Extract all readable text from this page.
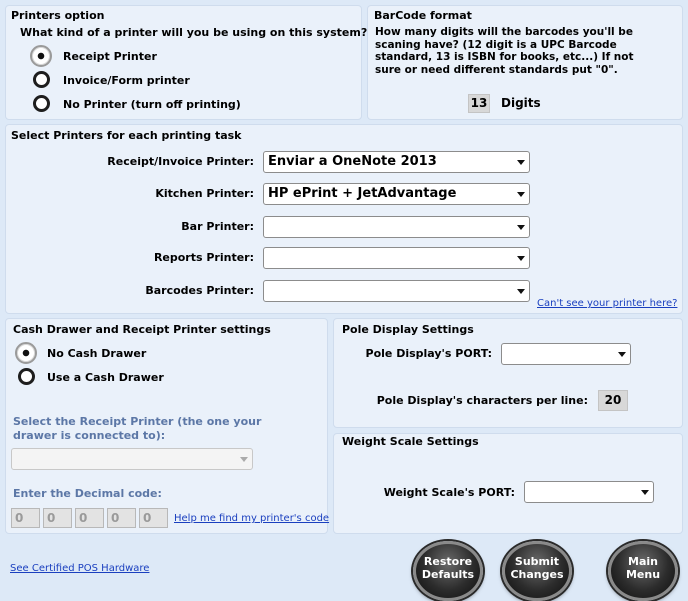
Printers option
What kind of a printer will you be using on this system?
Receipt Printer
Invoice/Form printer
No Printer (turn off printing)
BarCode format
How many digits will the barcodes you'll be scaning have? (12 digit is a UPC Barcode standard, 13 is ISBN for books, etc...) If not sure or need different standards put "0".
13 Digits
Select Printers for each printing task
Receipt/Invoice Printer:	Enviar a OneNote 2013
Kitchen Printer:	HP ePrint + JetAdvantage
Bar Printer:
Reports Printer:
Barcodes Printer:
Can't see your printer here?
Cash Drawer and Receipt Printer settings
No Cash Drawer
Use a Cash Drawer
Select the Receipt Printer (the one your drawer is connected to):
Enter the Decimal code:
0	0	0	0	0	Help me find my printer's code
Pole Display Settings
Pole Display's PORT:
Pole Display's characters per line:	20
Weight Scale Settings
Weight Scale's PORT:
See Certified POS Hardware
Restore
Defaults
Submit
Changes
Main
Menu
